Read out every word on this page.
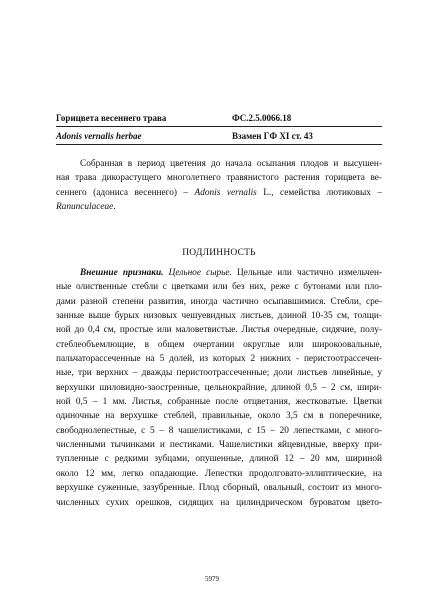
Горицвета весеннего трава	ФС.2.5.0066.18
Adonis vernalis herbae	Взамен ГФ XI ст. 43
Собранная в период цветения до начала осыпания плодов и высушен-
ная трава дикорастущего многолетнего травянистого растения горицвета ве-
сеннего (адониса весеннего) – Adonis vernalis L., семейства лютиковых –
Ranunculaceae.
ПОДЛИННОСТЬ
Внешние признаки. Цельное сырье. Цельные или частично измельчен-
ные олиственные стебли с цветками или без них, реже с бутонами или пло-
дами разной степени развития, иногда частично осыпавшимися. Стебли, сре-
занные выше бурых низовых чешуевидных листьев, длиной 10-35 см, толщи-
ной до 0,4 см, простые или маловетвистые. Листья очередные, сидячие, полу-
стеблеобъемлющие, в общем очертании округлые или широкоовальные,
пальчаторассеченные на 5 долей, из которых 2 нижних - перистоотрассечен-
ные, три верхних – дважды перистоотрассеченные; доли листьев линейные, у
верхушки шиловидно-заостренные, цельнокрайние, длиной 0,5 – 2 см, шири-
ной 0,5 – 1 мм. Листья, собранные после отцветания, жестковатые. Цветки
одиночные на верхушке стеблей, правильные, около 3,5 см в поперечнике,
свободнолепестные, с 5 – 8 чашелистиками, с 15 – 20 лепестками, с много-
численными тычинками и пестиками. Чашелистики яйцевидные, вверху при-
тупленные с редкими зубцами, опушенные, длиной 12 – 20 мм, шириной
около 12 мм, легко опадающие. Лепестки продолговато-эллиптические, на
верхушке суженные, зазубренные. Плод сборный, овальный, состоит из много-
численных сухих орешков, сидящих на цилиндрическом буроватом цвето-
5979
